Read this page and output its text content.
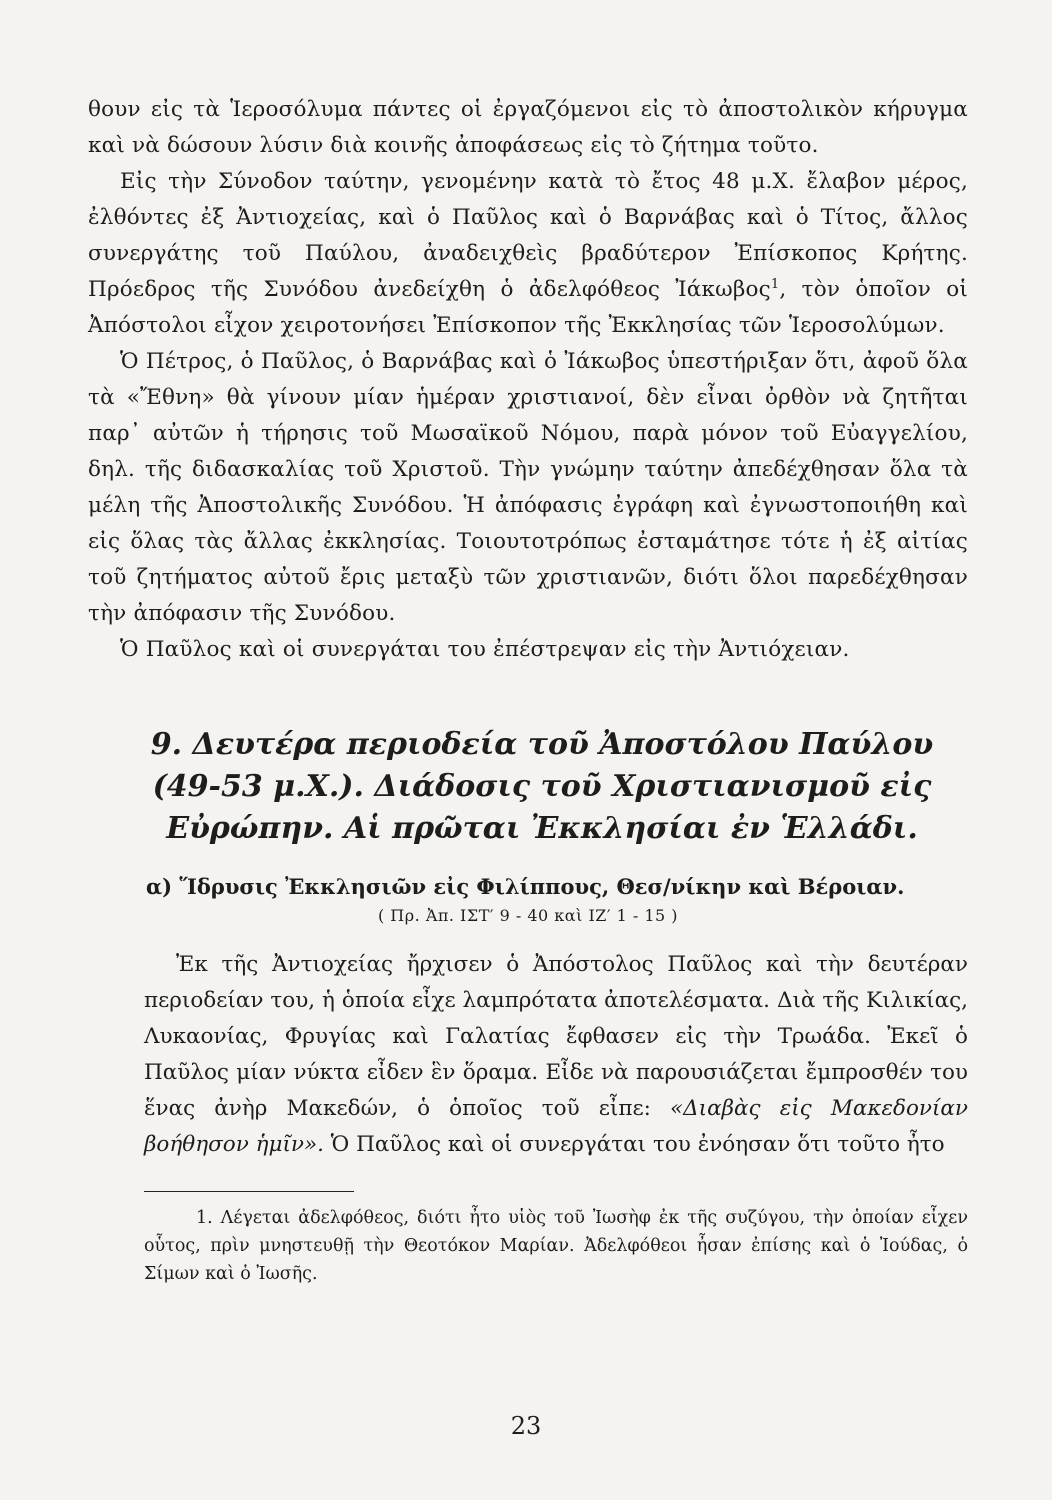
θουν εἰς τὰ Ἱεροσόλυμα πάντες οἱ ἐργαζόμενοι εἰς τὸ ἀποστολικὸν κήρυγμα καὶ νὰ δώσουν λύσιν διὰ κοινῆς ἀποφάσεως εἰς τὸ ζήτημα τοῦτο.

Εἰς τὴν Σύνοδον ταύτην, γενομένην κατὰ τὸ ἔτος 48 μ.Χ. ἔλαβον μέρος, ἐλθόντες ἐξ Ἀντιοχείας, καὶ ὁ Παῦλος καὶ ὁ Βαρνάβας καὶ ὁ Τίτος, ἄλλος συνεργάτης τοῦ Παύλου, ἀναδειχθεὶς βραδύτερον Ἐπίσκοπος Κρήτης. Πρόεδρος τῆς Συνόδου ἀνεδείχθη ὁ ἀδελφόθεος Ἰάκωβος$^1$, τὸν ὁποῖον οἱ Ἀπόστολοι εἶχον χειροτονήσει Ἐπίσκοπον τῆς Ἐκκλησίας τῶν Ἱεροσολύμων.

Ὁ Πέτρος, ὁ Παῦλος, ὁ Βαρνάβας καὶ ὁ Ἰάκωβος ὑπεστήριξαν ὅτι, ἀφοῦ ὅλα τὰ «Ἔθνη» θὰ γίνουν μίαν ἡμέραν χριστιανοί, δὲν εἶναι ὀρθὸν νὰ ζητῆται παρ᾽ αὐτῶν ἡ τήρησις τοῦ Μωσαϊκοῦ Νόμου, παρὰ μόνον τοῦ Εὐαγγελίου, δηλ. τῆς διδασκαλίας τοῦ Χριστοῦ. Τὴν γνώμην ταύτην ἀπεδέχθησαν ὅλα τὰ μέλη τῆς Ἀποστολικῆς Συνόδου. Ἡ ἀπόφασις ἐγράφη καὶ ἐγνωστοποιήθη καὶ εἰς ὅλας τὰς ἄλλας ἐκκλησίας. Τοιουτοτρόπως ἐσταμάτησε τότε ἡ ἐξ αἰτίας τοῦ ζητήματος αὐτοῦ ἔρις μεταξὺ τῶν χριστιανῶν, διότι ὅλοι παρεδέχθησαν τὴν ἀπόφασιν τῆς Συνόδου.

Ὁ Παῦλος καὶ οἱ συνεργάται του ἐπέστρεψαν εἰς τὴν Ἀντιόχειαν.

9. Δευτέρα περιοδεία τοῦ Ἀποστόλου Παύλου (49-53 μ.Χ.). Διάδοσις τοῦ Χριστιανισμοῦ εἰς Εὐρώπην. Αἱ πρῶται Ἐκκλησίαι ἐν Ἑλλάδι.
α) Ἵδρυσις Ἐκκλησιῶν εἰς Φιλίππους, Θεσ/νίκην καὶ Βέροιαν.
( Πρ. Ἀπ. ΙΣΤ′ 9 - 40 καὶ ΙΖ′ 1 - 15 )

Ἐκ τῆς Ἀντιοχείας ἤρχισεν ὁ Ἀπόστολος Παῦλος καὶ τὴν δευτέραν περιοδείαν του, ἡ ὁποία εἶχε λαμπρότατα ἀποτελέσματα. Διὰ τῆς Κιλικίας, Λυκαονίας, Φρυγίας καὶ Γαλατίας ἔφθασεν εἰς τὴν Τρωάδα. Ἐκεῖ ὁ Παῦλος μίαν νύκτα εἶδεν ἓν ὅραμα. Εἶδε νὰ παρουσιάζεται ἔμπροσθέν του ἕνας ἀνὴρ Μακεδών, ὁ ὁποῖος τοῦ εἶπε: «Διαβὰς εἰς Μακεδονίαν βοήθησον ἡμῖν». Ὁ Παῦλος καὶ οἱ συνεργάται του ἐνόησαν ὅτι τοῦτο ἦτο

1. Λέγεται ἀδελφόθεος, διότι ἦτο υἱὸς τοῦ Ἰωσὴφ ἐκ τῆς συζύγου, τὴν ὁποίαν εἶχεν οὗτος, πρὶν μνηστευθῇ τὴν Θεοτόκον Μαρίαν. Ἀδελφόθεοι ἦσαν ἐπίσης καὶ ὁ Ἰούδας, ὁ Σίμων καὶ ὁ Ἰωσῆς.

23
